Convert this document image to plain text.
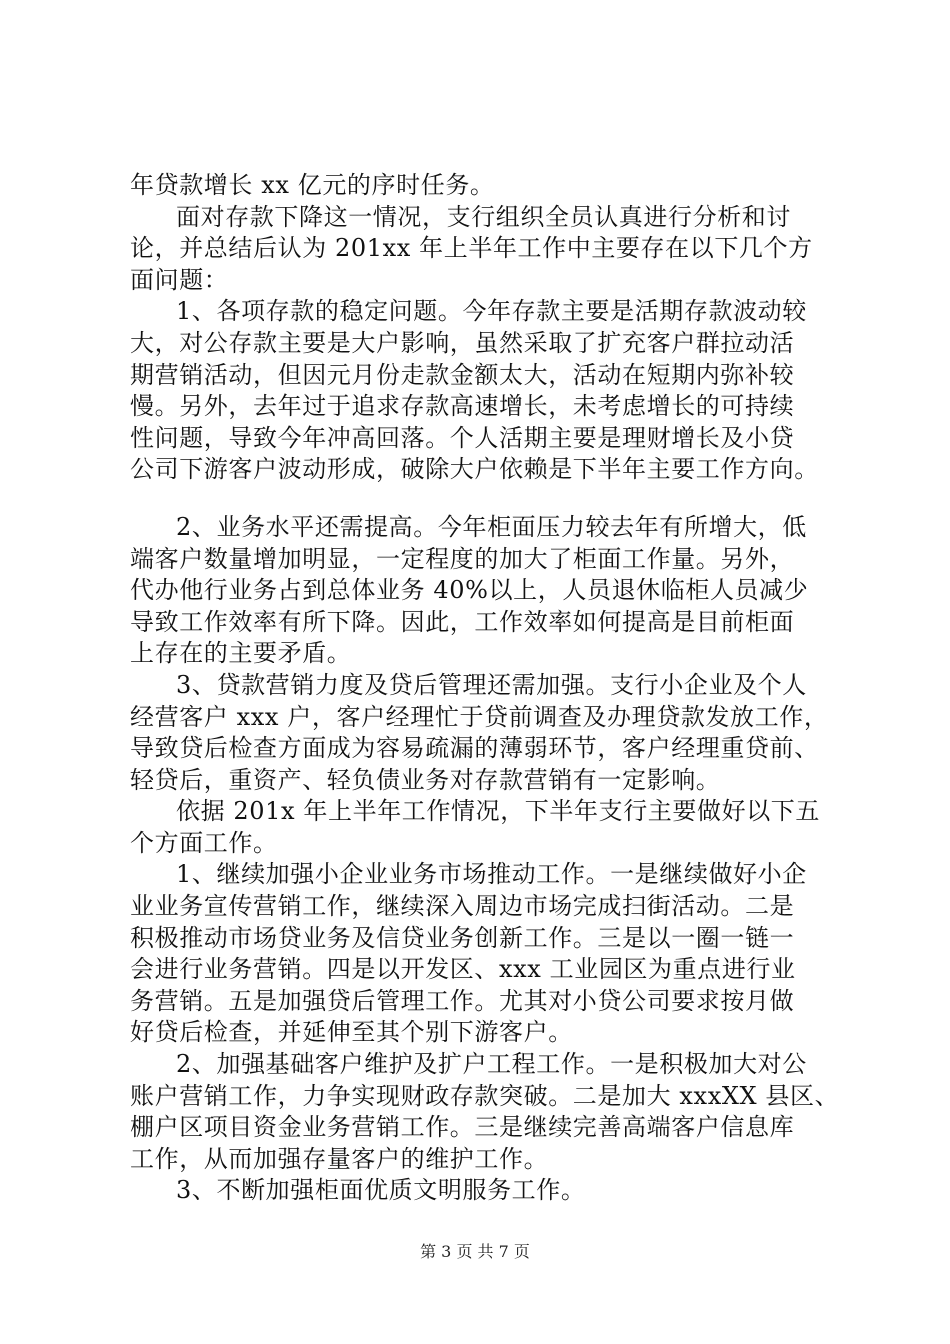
年贷款增长 xx 亿元的序时任务。
面对存款下降这一情况，支行组织全员认真进行分析和讨
论，并总结后认为 201xx 年上半年工作中主要存在以下几个方
面问题：
1、各项存款的稳定问题。今年存款主要是活期存款波动较
大，对公存款主要是大户影响，虽然采取了扩充客户群拉动活
期营销活动，但因元月份走款金额太大，活动在短期内弥补较
慢。另外，去年过于追求存款高速增长，未考虑增长的可持续
性问题，导致今年冲高回落。个人活期主要是理财增长及小贷
公司下游客户波动形成，破除大户依赖是下半年主要工作方向。
2、业务水平还需提高。今年柜面压力较去年有所增大，低
端客户数量增加明显，一定程度的加大了柜面工作量。另外，
代办他行业务占到总体业务 40%以上，人员退休临柜人员减少
导致工作效率有所下降。因此，工作效率如何提高是目前柜面
上存在的主要矛盾。
3、贷款营销力度及贷后管理还需加强。支行小企业及个人
经营客户 xxx 户，客户经理忙于贷前调查及办理贷款发放工作，
导致贷后检查方面成为容易疏漏的薄弱环节，客户经理重贷前、
轻贷后，重资产、轻负债业务对存款营销有一定影响。
依据 201x 年上半年工作情况，下半年支行主要做好以下五
个方面工作。
1、继续加强小企业业务市场推动工作。一是继续做好小企
业业务宣传营销工作，继续深入周边市场完成扫街活动。二是
积极推动市场贷业务及信贷业务创新工作。三是以一圈一链一
会进行业务营销。四是以开发区、xxx 工业园区为重点进行业
务营销。五是加强贷后管理工作。尤其对小贷公司要求按月做
好贷后检查，并延伸至其个别下游客户。
2、加强基础客户维护及扩户工程工作。一是积极加大对公
账户营销工作，力争实现财政存款突破。二是加大 xxxXX 县区、
棚户区项目资金业务营销工作。三是继续完善高端客户信息库
工作，从而加强存量客户的维护工作。
3、不断加强柜面优质文明服务工作。
第 3 页 共 7 页
